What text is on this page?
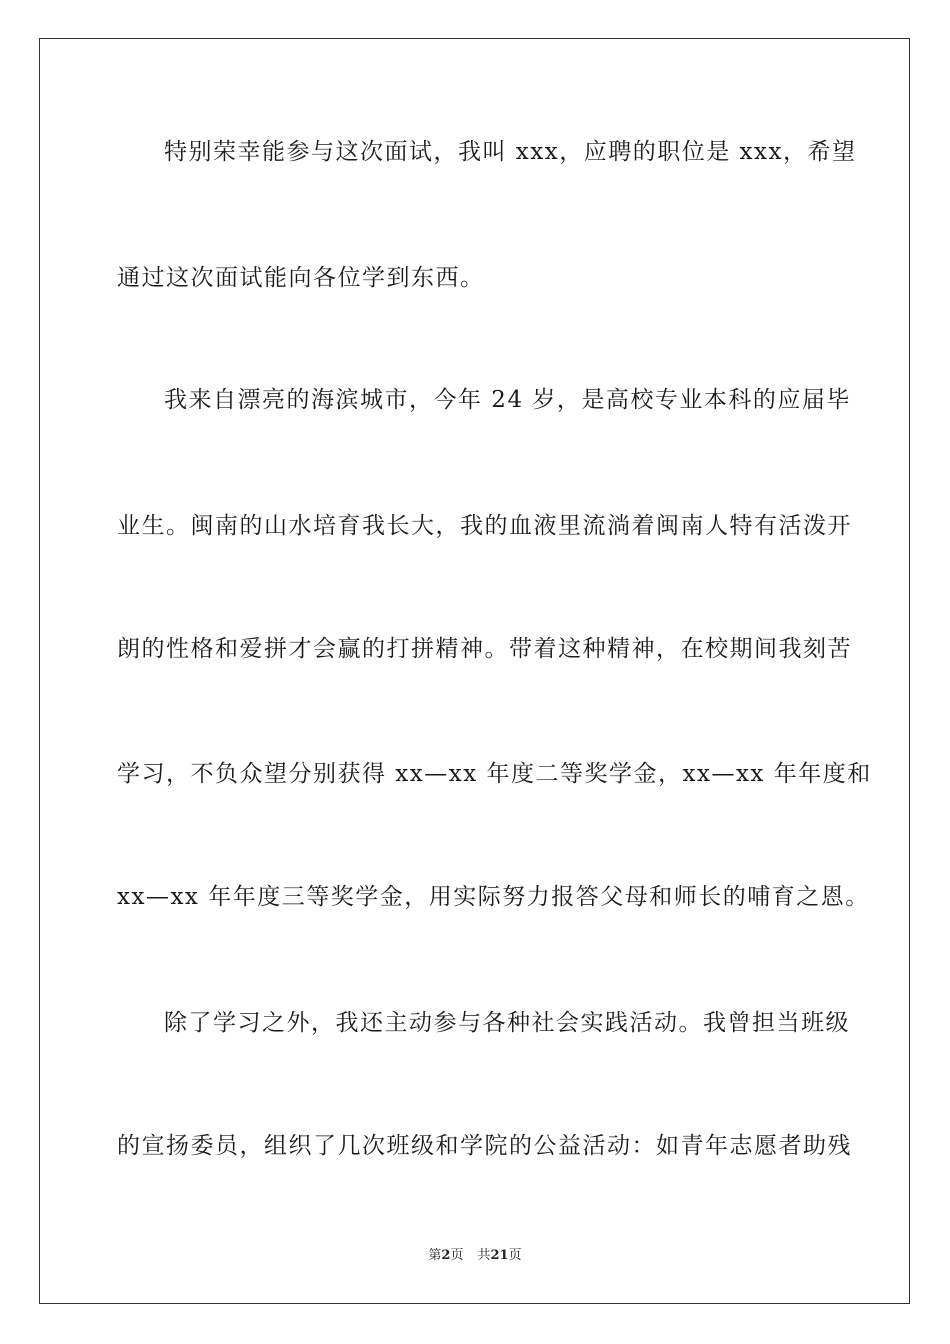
特别荣幸能参与这次面试，我叫 xxx，应聘的职位是 xxx，希望
通过这次面试能向各位学到东西。
我来自漂亮的海滨城市，今年 24 岁，是高校专业本科的应届毕
业生。闽南的山水培育我长大，我的血液里流淌着闽南人特有活泼开
朗的性格和爱拼才会赢的打拼精神。带着这种精神，在校期间我刻苦
学习，不负众望分别获得 xx—xx 年度二等奖学金，xx—xx 年年度和
xx—xx 年年度三等奖学金，用实际努力报答父母和师长的哺育之恩。
除了学习之外，我还主动参与各种社会实践活动。我曾担当班级
的宣扬委员，组织了几次班级和学院的公益活动：如青年志愿者助残
第2页 共21页
